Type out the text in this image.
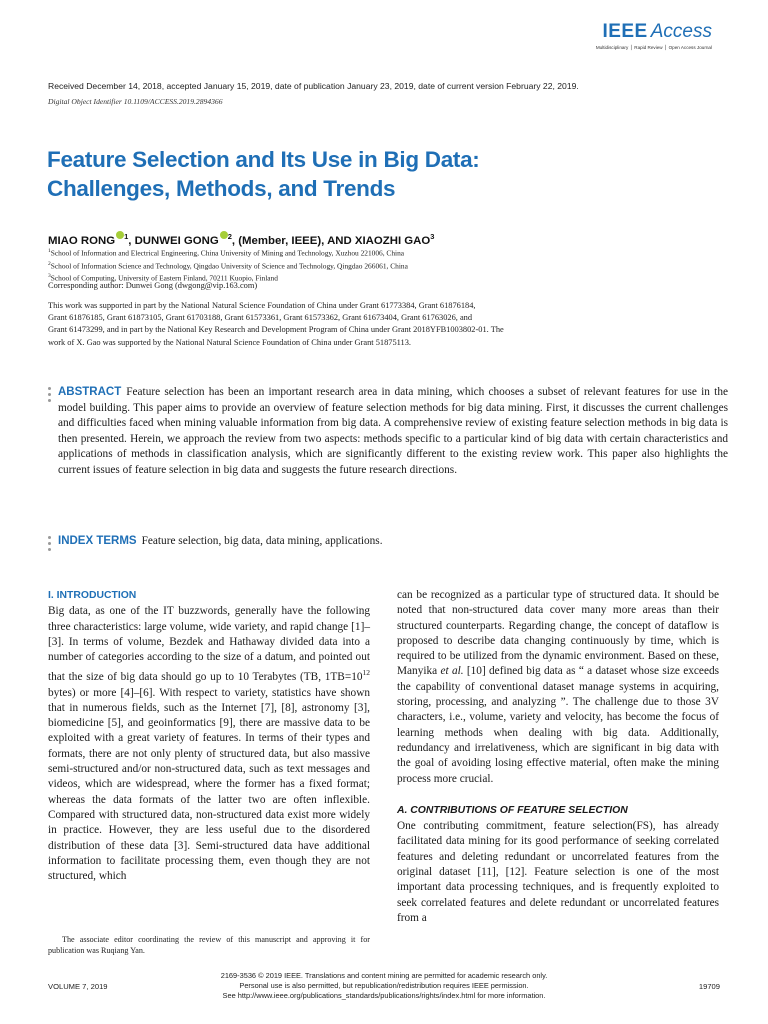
IEEE Access
Multidisciplinary ⎪ Rapid Review ⎪ Open Access Journal
Received December 14, 2018, accepted January 15, 2019, date of publication January 23, 2019, date of current version February 22, 2019.
Digital Object Identifier 10.1109/ACCESS.2019.2894366
Feature Selection and Its Use in Big Data:
Challenges, Methods, and Trends
MIAO RONG $^1$, DUNWEI GONG $^2$, (Member, IEEE), AND XIAOZHI GAO$^3$
$^1$School of Information and Electrical Engineering, China University of Mining and Technology, Xuzhou 221006, China
$^2$School of Information Science and Technology, Qingdao University of Science and Technology, Qingdao 266061, China
$^3$School of Computing, University of Eastern Finland, 70211 Kuopio, Finland
Corresponding author: Dunwei Gong (dwgong@vip.163.com)
This work was supported in part by the National Natural Science Foundation of China under Grant 61773384, Grant 61876184,
Grant 61876185, Grant 61873105, Grant 61703188, Grant 61573361, Grant 61573362, Grant 61673404, Grant 61763026, and
Grant 61473299, and in part by the National Key Research and Development Program of China under Grant 2018YFB1003802-01. The
work of X. Gao was supported by the National Natural Science Foundation of China under Grant 51875113.
ABSTRACT Feature selection has been an important research area in data mining, which chooses a subset of relevant features for use in the model building. This paper aims to provide an overview of feature selection methods for big data mining. First, it discusses the current challenges and difficulties faced when mining valuable information from big data. A comprehensive review of existing feature selection methods in big data is then presented. Herein, we approach the review from two aspects: methods specific to a particular kind of big data with certain characteristics and applications of methods in classification analysis, which are significantly different to the existing review work. This paper also highlights the current issues of feature selection in big data and suggests the future research directions.
INDEX TERMS Feature selection, big data, data mining, applications.
I. INTRODUCTION

Big data, as one of the IT buzzwords, generally have the following three characteristics: large volume, wide variety, and rapid change [1]–[3]. In terms of volume, Bezdek and Hathaway divided data into a number of categories according to the size of a datum, and pointed out that the size of big data should go up to 10 Terabytes (TB, $1TB=10^{12}$ bytes) or more [4]–[6]. With respect to variety, statistics have shown that in numerous fields, such as the Internet [7], [8], astronomy [3], biomedicine [5], and geoinformatics [9], there are massive data to be exploited with a great variety of features. In terms of their types and formats, there are not only plenty of structured data, but also massive semi-structured and/or non-structured data, such as text messages and videos, which are widespread, where the former has a fixed format; whereas the data formats of the latter two are often inflexible. Compared with structured data, non-structured data exist more widely in practice. However, they are less useful due to the disordered distribution of these data [3]. Semi-structured data have additional information to facilitate processing them, even though they are not structured, which

can be recognized as a particular type of structured data. It should be noted that non-structured data cover many more areas than their structured counterparts. Regarding change, the concept of dataflow is proposed to describe data changing continuously by time, which is required to be utilized from the dynamic environment. Based on these, Manyika et al. [10] defined big data as “ a dataset whose size exceeds the capability of conventional dataset manage systems in acquiring, storing, processing, and analyzing ”. The challenge due to those 3V characters, i.e., volume, variety and velocity, has become the focus of learning methods when dealing with big data. Additionally, redundancy and irrelativeness, which are significant in big data with the goal of avoiding losing effective material, often make the mining process more crucial.

A. CONTRIBUTIONS OF FEATURE SELECTION

One contributing commitment, feature selection(FS), has already facilitated data mining for its good performance of seeking correlated features and deleting redundant or uncorrelated features from the original dataset [11], [12]. Feature selection is one of the most important data processing techniques, and is frequently exploited to seek correlated features and delete redundant or uncorrelated features from a

The associate editor coordinating the review of this manuscript and approving it for publication was Ruqiang Yan.
VOLUME 7, 2019
2169-3536 © 2019 IEEE. Translations and content mining are permitted for academic research only.
Personal use is also permitted, but republication/redistribution requires IEEE permission.
See http://www.ieee.org/publications_standards/publications/rights/index.html for more information.
19709
